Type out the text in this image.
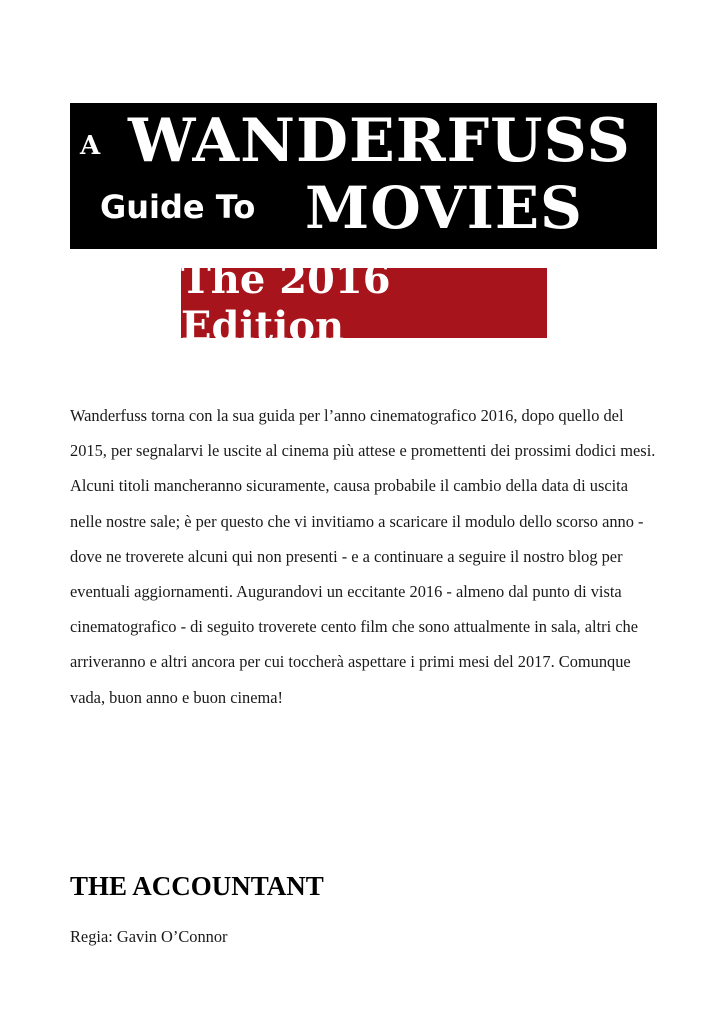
A WANDERFUSS
Guide To MOVIES
The 2016 Edition

Wanderfuss torna con la sua guida per l’anno cinematografico 2016, dopo quello del 2015, per segnalarvi le uscite al cinema più attese e promettenti dei prossimi dodici mesi. Alcuni titoli mancheranno sicuramente, causa probabile il cambio della data di uscita nelle nostre sale; è per questo che vi invitiamo a scaricare il modulo dello scorso anno - dove ne troverete alcuni qui non presenti - e a continuare a seguire il nostro blog per eventuali aggiornamenti. Augurandovi un eccitante 2016 - almeno dal punto di vista cinematografico - di seguito troverete cento film che sono attualmente in sala, altri che arriveranno e altri ancora per cui toccherà aspettare i primi mesi del 2017. Comunque vada, buon anno e buon cinema!

THE ACCOUNTANT
Regia: Gavin O’Connor
